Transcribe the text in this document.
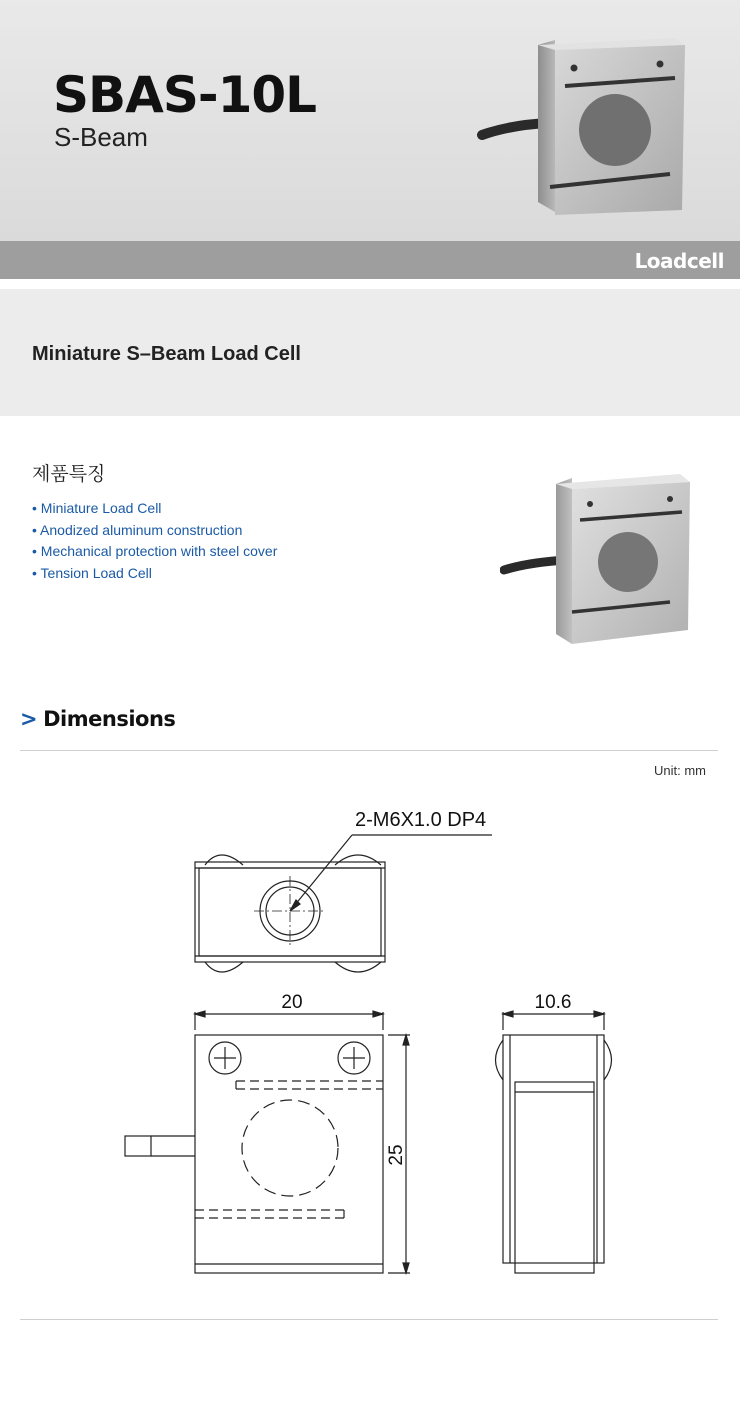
SBAS-10L
S-Beam
Loadcell
Miniature S–Beam Load Cell
제품특징
• Miniature Load Cell
• Anodized aluminum construction
• Mechanical protection with steel cover
• Tension Load Cell
> Dimensions
Unit: mm
2-M6X1.0 DP4
20
25
10.6
